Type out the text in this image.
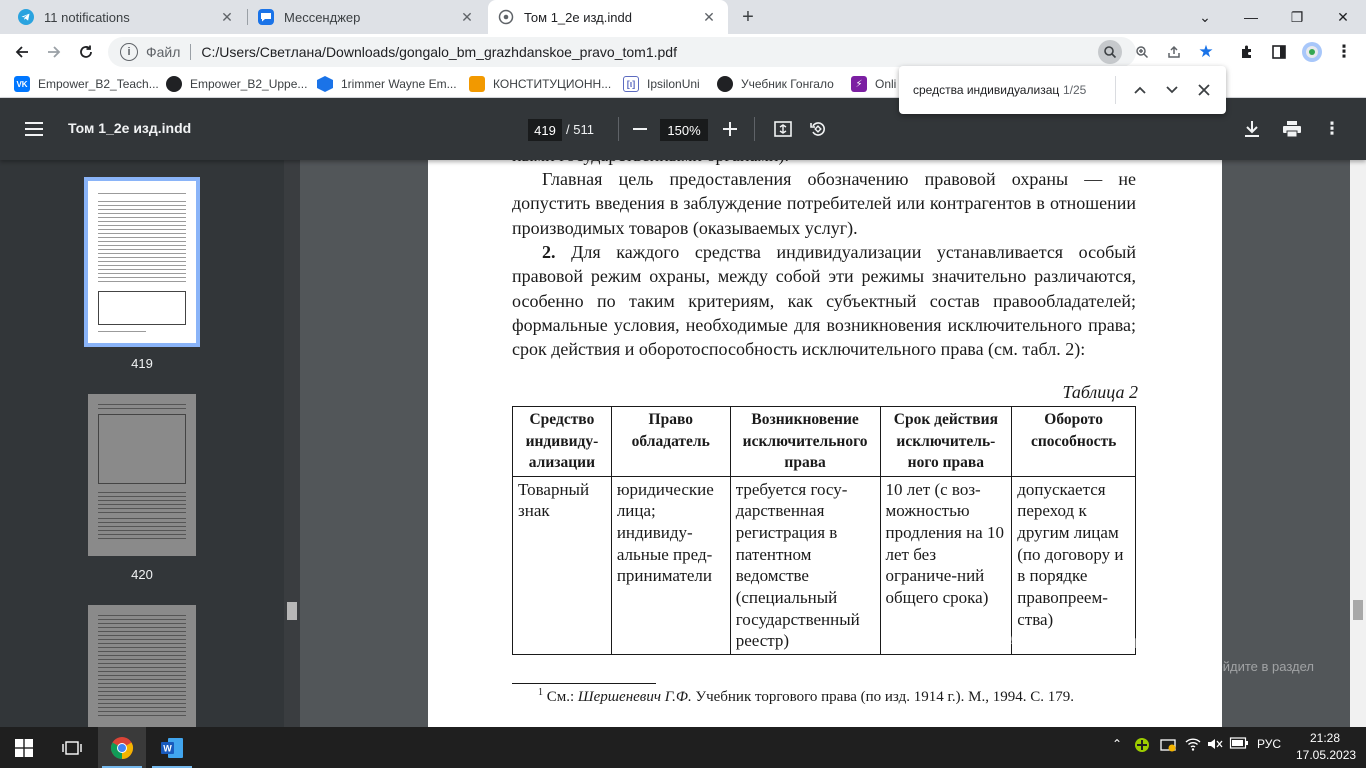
11 notifications	✕	Мессенджер	✕	Том 1_2е изд.indd	✕	+	⌄	—	❐	✕
i	Файл C:/Users/Светлана/Downloads/gongalo_bm_grazhdanskoe_pravo_tom1.pdf	★	⋮
VK Empower_B2_Teach...	Empower_B2_Uppe...	1rimmer Wayne Em...	КОНСТИТУЦИОНН...	[ι] IpsilonUni	Учебник Гонгало	⚡	Onli средства индивидуализац 1/25
Том 1_2е изд.indd	419 / 511	150%	⋮
419
420
Главная цель предоставления обозначению правовой охраны — не допустить введения в заблуждение потребителей или контрагентов в отношении производимых товаров (оказываемых услуг).
2. Для каждого средства индивидуализации устанавливается особый правовой режим охраны, между собой эти режимы значительно различаются, особенно по таким критериям, как субъектный состав правообладателей; формальные условия, необходимые для возникновения исключительного права; срок действия и оборотоспособность исключительного права (см. табл. 2):
Таблица 2
Средство индивиду-ализации	Право обладатель	Возникновение исключительного права	Срок действия исключитель-ного права	Оборото способность
Товарный знак	юридические лица; индивиду-альные пред-приниматели	требуется госу-дарственная регистрация в патентном ведомстве (специальный государственный реестр)	10 лет (с воз-можностью продления на 10 лет без ограниче-ний общего срока)	допускается переход к другим лицам (по договору и в порядке правопреем-ства)
$^1$ См.: Шершеневич Г.Ф. Учебник торгового права (по изд. 1914 г.). М., 1994. С. 179.
Активация Windows
Чтобы активировать Windows, перейдите в раздел "Параметры".
W	⌃	РУС	21:28
17.05.2023
